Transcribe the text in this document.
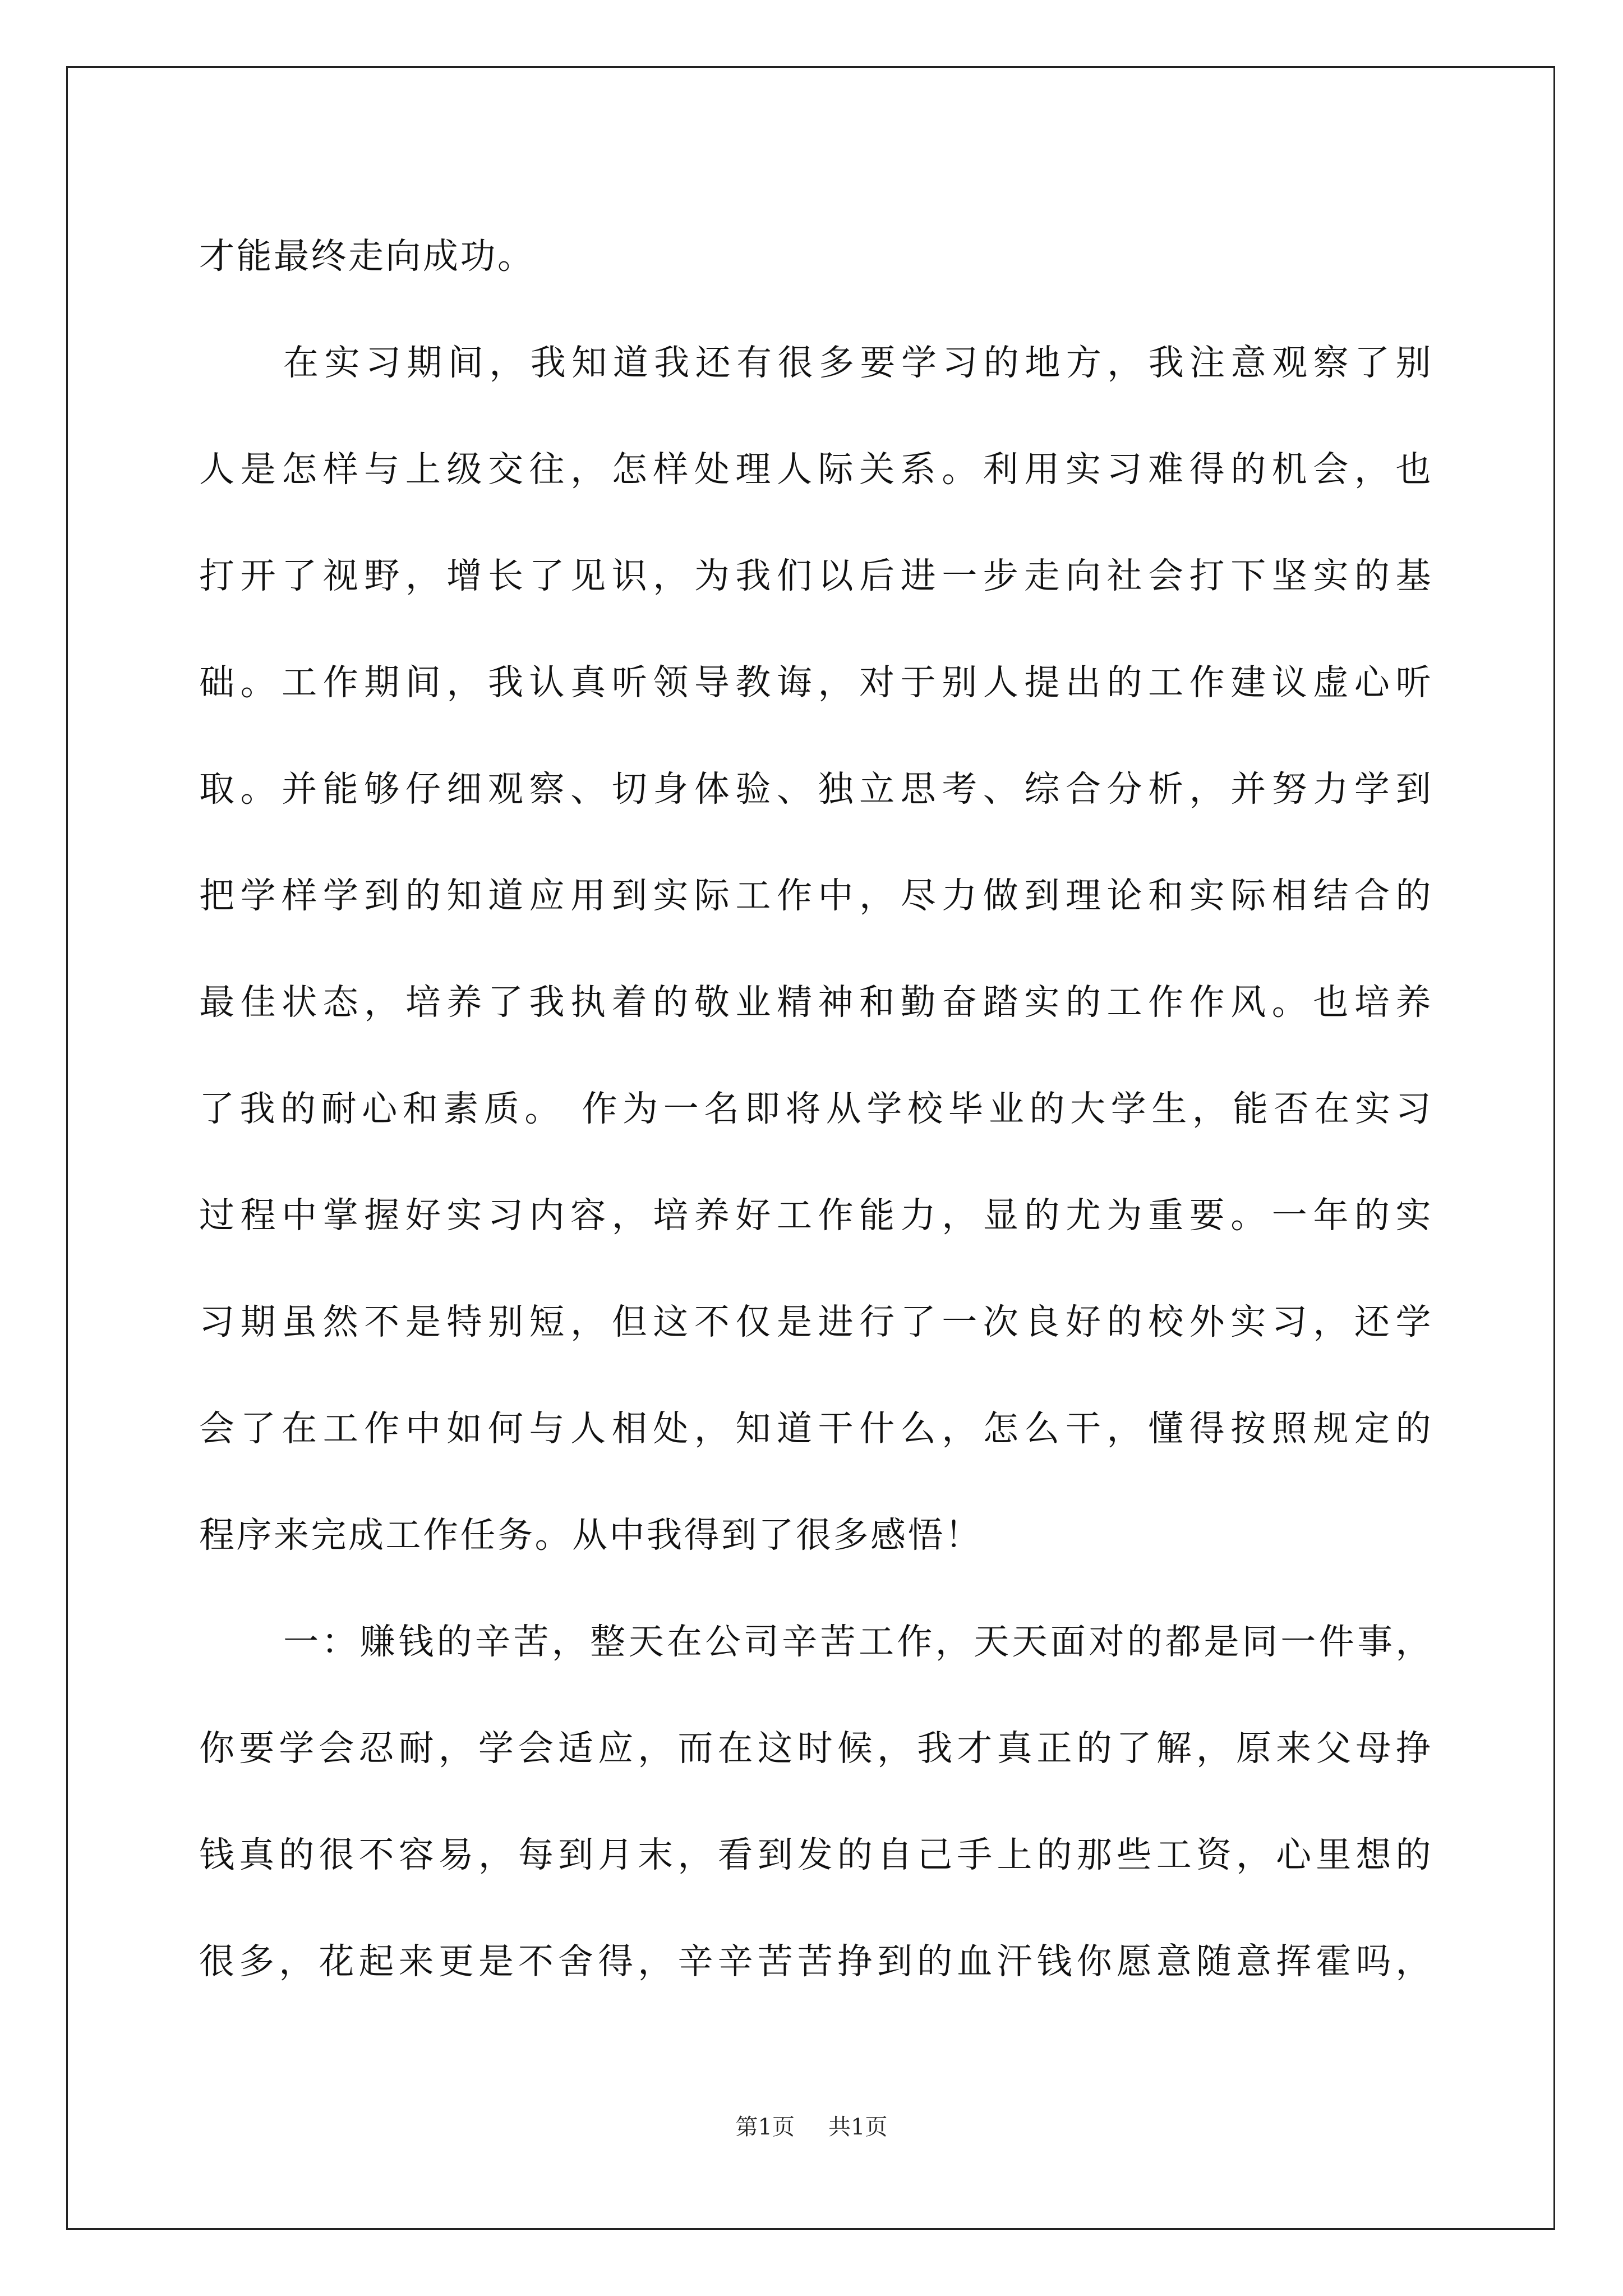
才能最终走向成功。
在实习期间，我知道我还有很多要学习的地方，我注意观察了别
人是怎样与上级交往，怎样处理人际关系。利用实习难得的机会，也
打开了视野，增长了见识，为我们以后进一步走向社会打下坚实的基
础。工作期间，我认真听领导教诲，对于别人提出的工作建议虚心听
取。并能够仔细观察、切身体验、独立思考、综合分析，并努力学到
把学样学到的知道应用到实际工作中，尽力做到理论和实际相结合的
最佳状态，培养了我执着的敬业精神和勤奋踏实的工作作风。也培养
了我的耐心和素质。 作为一名即将从学校毕业的大学生，能否在实习
过程中掌握好实习内容，培养好工作能力，显的尤为重要。一年的实
习期虽然不是特别短，但这不仅是进行了一次良好的校外实习，还学
会了在工作中如何与人相处，知道干什么，怎么干，懂得按照规定的
程序来完成工作任务。从中我得到了很多感悟！
一：赚钱的辛苦，整天在公司辛苦工作，天天面对的都是同一件事，
你要学会忍耐，学会适应，而在这时候，我才真正的了解，原来父母挣
钱真的很不容易，每到月末，看到发的自己手上的那些工资，心里想的
很多，花起来更是不舍得，辛辛苦苦挣到的血汗钱你愿意随意挥霍吗，
第1页 共1页
